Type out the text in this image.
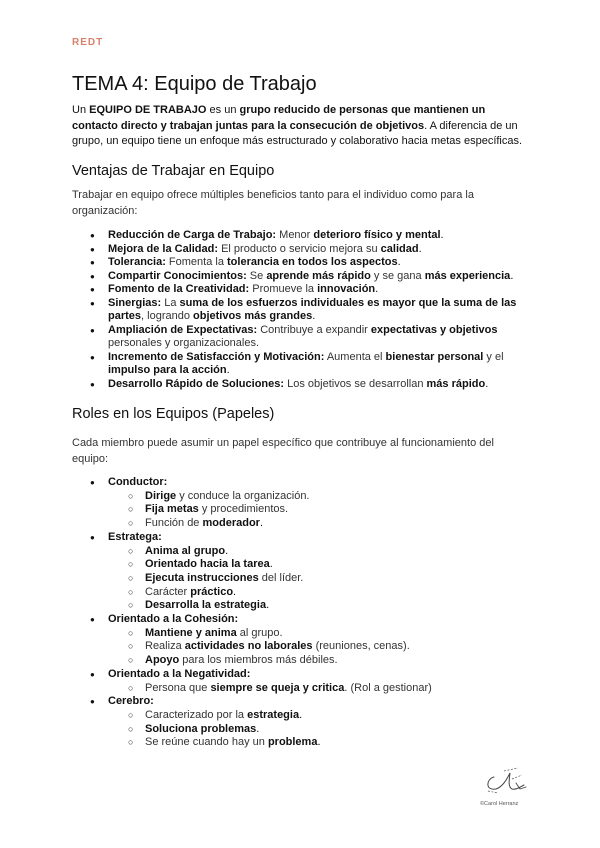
REDT
TEMA 4: Equipo de Trabajo

Un EQUIPO DE TRABAJO es un grupo reducido de personas que mantienen un contacto directo y trabajan juntas para la consecución de objetivos. A diferencia de un grupo, un equipo tiene un enfoque más estructurado y colaborativo hacia metas específicas.

Ventajas de Trabajar en Equipo

Trabajar en equipo ofrece múltiples beneficios tanto para el individuo como para la organización:

● Reducción de Carga de Trabajo: Menor deterioro físico y mental.
● Mejora de la Calidad: El producto o servicio mejora su calidad.
● Tolerancia: Fomenta la tolerancia en todos los aspectos.
● Compartir Conocimientos: Se aprende más rápido y se gana más experiencia.
● Fomento de la Creatividad: Promueve la innovación.
● Sinergias: La suma de los esfuerzos individuales es mayor que la suma de las partes, logrando objetivos más grandes.
● Ampliación de Expectativas: Contribuye a expandir expectativas y objetivos personales y organizacionales.
● Incremento de Satisfacción y Motivación: Aumenta el bienestar personal y el impulso para la acción.
● Desarrollo Rápido de Soluciones: Los objetivos se desarrollan más rápido.
Roles en los Equipos (Papeles)

Cada miembro puede asumir un papel específico que contribuye al funcionamiento del equipo:

● Conductor:
○ Dirige y conduce la organización.
○ Fija metas y procedimientos.
○ Función de moderador.
● Estratega:
○ Anima al grupo.
○ Orientado hacia la tarea.
○ Ejecuta instrucciones del líder.
○ Carácter práctico.
○ Desarrolla la estrategia.
● Orientado a la Cohesión:
○ Mantiene y anima al grupo.
○ Realiza actividades no laborales (reuniones, cenas).
○ Apoyo para los miembros más débiles.
● Orientado a la Negatividad:
○ Persona que siempre se queja y critica. (Rol a gestionar)
● Cerebro:
○ Caracterizado por la estrategia.
○ Soluciona problemas.
○ Se reúne cuando hay un problema.
©Carol Herranz
